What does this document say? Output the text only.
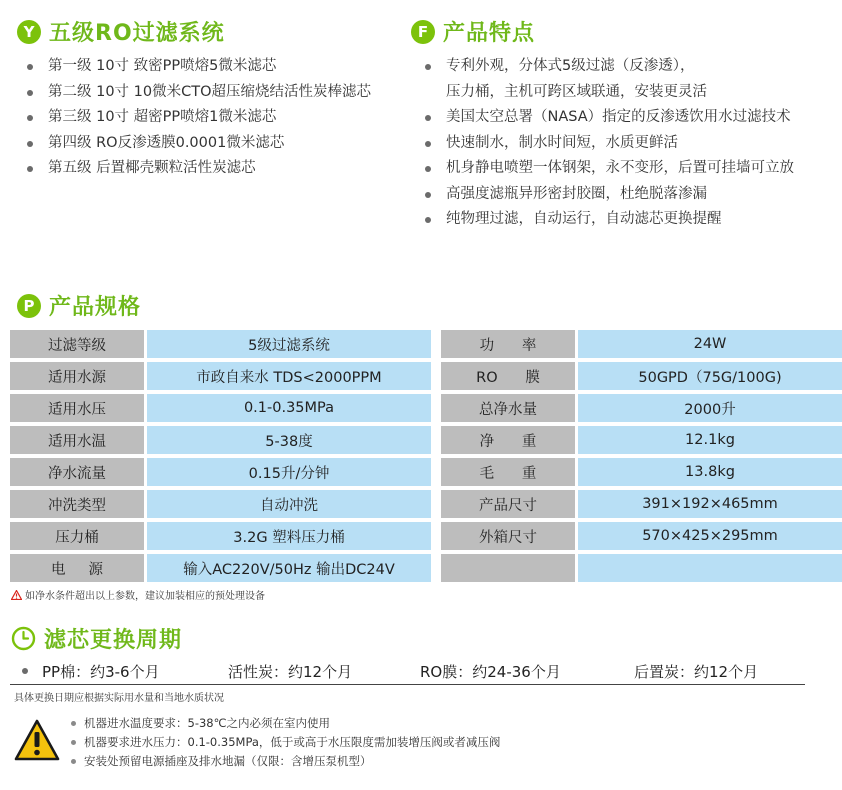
Y 五级RO过滤系统
第一级 10寸 致密PP喷熔5微米滤芯
第二级 10寸 10微米CTO超压缩烧结活性炭棒滤芯
第三级 10寸 超密PP喷熔1微米滤芯
第四级 RO反渗透膜0.0001微米滤芯
第五级 后置椰壳颗粒活性炭滤芯
F 产品特点
专利外观，分体式5级过滤（反渗透），
压力桶，主机可跨区域联通，安装更灵活
美国太空总署（NASA）指定的反渗透饮用水过滤技术
快速制水，制水时间短，水质更鲜活
机身静电喷塑一体钢架，永不变形，后置可挂墙可立放
高强度滤瓶异形密封胶圈，杜绝脱落渗漏
纯物理过滤，自动运行，自动滤芯更换提醒
P 产品规格
过滤等级	5级过滤系统
适用水源	市政自来水 TDS<2000PPM
适用水压	0.1-0.35MPa
适用水温	5-38度
净水流量	0.15升/分钟
冲洗类型	自动冲洗
压力桶	3.2G 塑料压力桶
电     源	输入AC220V/50Hz 输出DC24V
功      率	24W
RO      膜	50GPD（75G/100G)
总净水量	2000升
净      重	12.1kg
毛      重	13.8kg
产品尺寸	391×192×465mm
外箱尺寸	570×425×295mm
如净水条件超出以上参数，建议加装相应的预处理设备
滤芯更换周期
PP棉：约3-6个月	活性炭：约12个月	RO膜：约24-36个月	后置炭：约12个月
具体更换日期应根据实际用水量和当地水质状况
机器进水温度要求：5-38℃之内必须在室内使用
机器要求进水压力：0.1-0.35MPa，低于或高于水压限度需加装增压阀或者减压阀
安装处预留电源插座及排水地漏（仅限：含增压泵机型）
